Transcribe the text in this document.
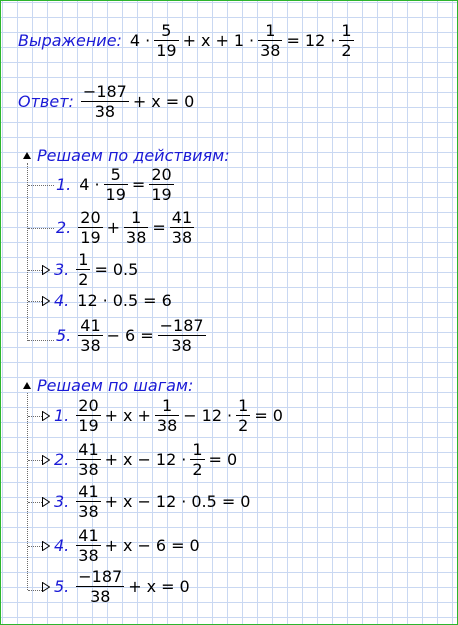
Выражение: $4 \cdot \frac{5}{19} + x + 1 \cdot \frac{1}{38} = 12 \cdot \frac{1}{2}$
Ответ: $\frac{-187}{38} + x = 0$
Решаем по действиям:
1. $4 \cdot \frac{5}{19} = \frac{20}{19}$
2. $\frac{20}{19} + \frac{1}{38} = \frac{41}{38}$
3. $\frac{1}{2} = 0.5$
4. 12 · 0.5 = 6
5. $\frac{41}{38} - 6 = \frac{-187}{38}$
Решаем по шагам:
1. $\frac{20}{19} + x + \frac{1}{38} - 12 \cdot \frac{1}{2} = 0$
2. $\frac{41}{38} + x - 12 \cdot \frac{1}{2} = 0$
3. $\frac{41}{38} + x - 12 \cdot 0.5 = 0$
4. $\frac{41}{38} + x - 6 = 0$
5. $\frac{-187}{38} + x = 0$
